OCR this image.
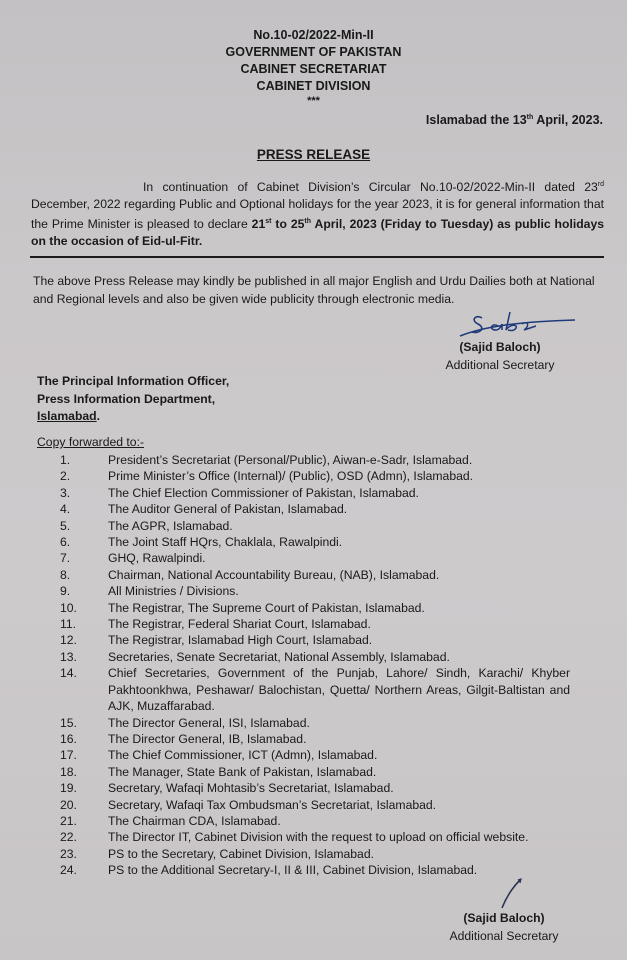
No.10-02/2022-Min-II
GOVERNMENT OF PAKISTAN
CABINET SECRETARIAT
CABINET DIVISION
***
Islamabad the 13th April, 2023.
PRESS RELEASE
In continuation of Cabinet Division’s Circular No.10-02/2022-Min-II dated 23rd December, 2022 regarding Public and Optional holidays for the year 2023, it is for general information that the Prime Minister is pleased to declare 21st to 25th April, 2023 (Friday to Tuesday) as public holidays on the occasion of Eid-ul-Fitr.
The above Press Release may kindly be published in all major English and Urdu Dailies both at National and Regional levels and also be given wide publicity through electronic media.
(Sajid Baloch)
Additional Secretary
The Principal Information Officer,
Press Information Department,
Islamabad.
Copy forwarded to:-
1.	President’s Secretariat (Personal/Public), Aiwan-e-Sadr, Islamabad.
2.	Prime Minister’s Office (Internal)/ (Public), OSD (Admn), Islamabad.
3.	The Chief Election Commissioner of Pakistan, Islamabad.
4.	The Auditor General of Pakistan, Islamabad.
5.	The AGPR, Islamabad.
6.	The Joint Staff HQrs, Chaklala, Rawalpindi.
7.	GHQ, Rawalpindi.
8.	Chairman, National Accountability Bureau, (NAB), Islamabad.
9.	All Ministries / Divisions.
10.	The Registrar, The Supreme Court of Pakistan, Islamabad.
11.	The Registrar, Federal Shariat Court, Islamabad.
12.	The Registrar, Islamabad High Court, Islamabad.
13.	Secretaries, Senate Secretariat, National Assembly, Islamabad.
14.	Chief Secretaries, Government of the Punjab, Lahore/ Sindh, Karachi/ Khyber Pakhtoonkhwa, Peshawar/ Balochistan, Quetta/ Northern Areas, Gilgit-Baltistan and AJK, Muzaffarabad.
15.	The Director General, ISI, Islamabad.
16.	The Director General, IB, Islamabad.
17.	The Chief Commissioner, ICT (Admn), Islamabad.
18.	The Manager, State Bank of Pakistan, Islamabad.
19.	Secretary, Wafaqi Mohtasib’s Secretariat, Islamabad.
20.	Secretary, Wafaqi Tax Ombudsman’s Secretariat, Islamabad.
21.	The Chairman CDA, Islamabad.
22.	The Director IT, Cabinet Division with the request to upload on official website.
23.	PS to the Secretary, Cabinet Division, Islamabad.
24.	PS to the Additional Secretary-I, II & III, Cabinet Division, Islamabad.
(Sajid Baloch)
Additional Secretary
